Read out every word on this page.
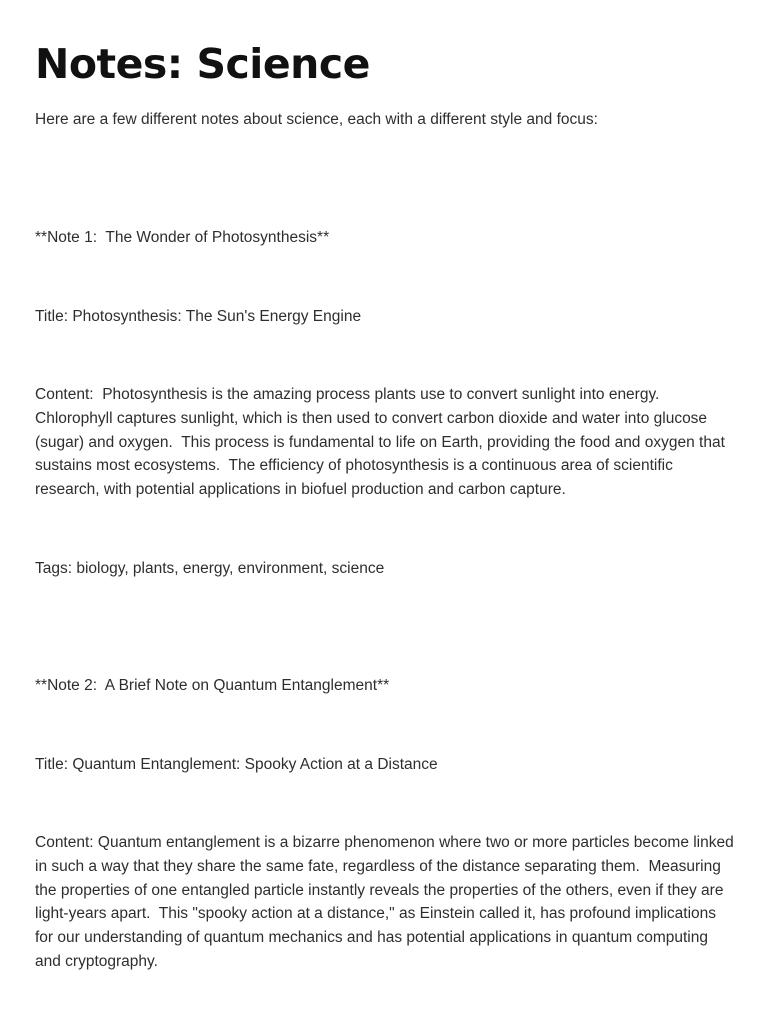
Notes: Science

Here are a few different notes about science, each with a different style and focus:

**Note 1:  The Wonder of Photosynthesis**

Title: Photosynthesis: The Sun's Energy Engine

Content:  Photosynthesis is the amazing process plants use to convert sunlight into energy.  Chlorophyll captures sunlight, which is then used to convert carbon dioxide and water into glucose (sugar) and oxygen.  This process is fundamental to life on Earth, providing the food and oxygen that sustains most ecosystems.  The efficiency of photosynthesis is a continuous area of scientific research, with potential applications in biofuel production and carbon capture.

Tags: biology, plants, energy, environment, science

**Note 2:  A Brief Note on Quantum Entanglement**

Title: Quantum Entanglement: Spooky Action at a Distance

Content: Quantum entanglement is a bizarre phenomenon where two or more particles become linked in such a way that they share the same fate, regardless of the distance separating them.  Measuring the properties of one entangled particle instantly reveals the properties of the others, even if they are light-years apart.  This "spooky action at a distance," as Einstein called it, has profound implications for our understanding of quantum mechanics and has potential applications in quantum computing and cryptography.
